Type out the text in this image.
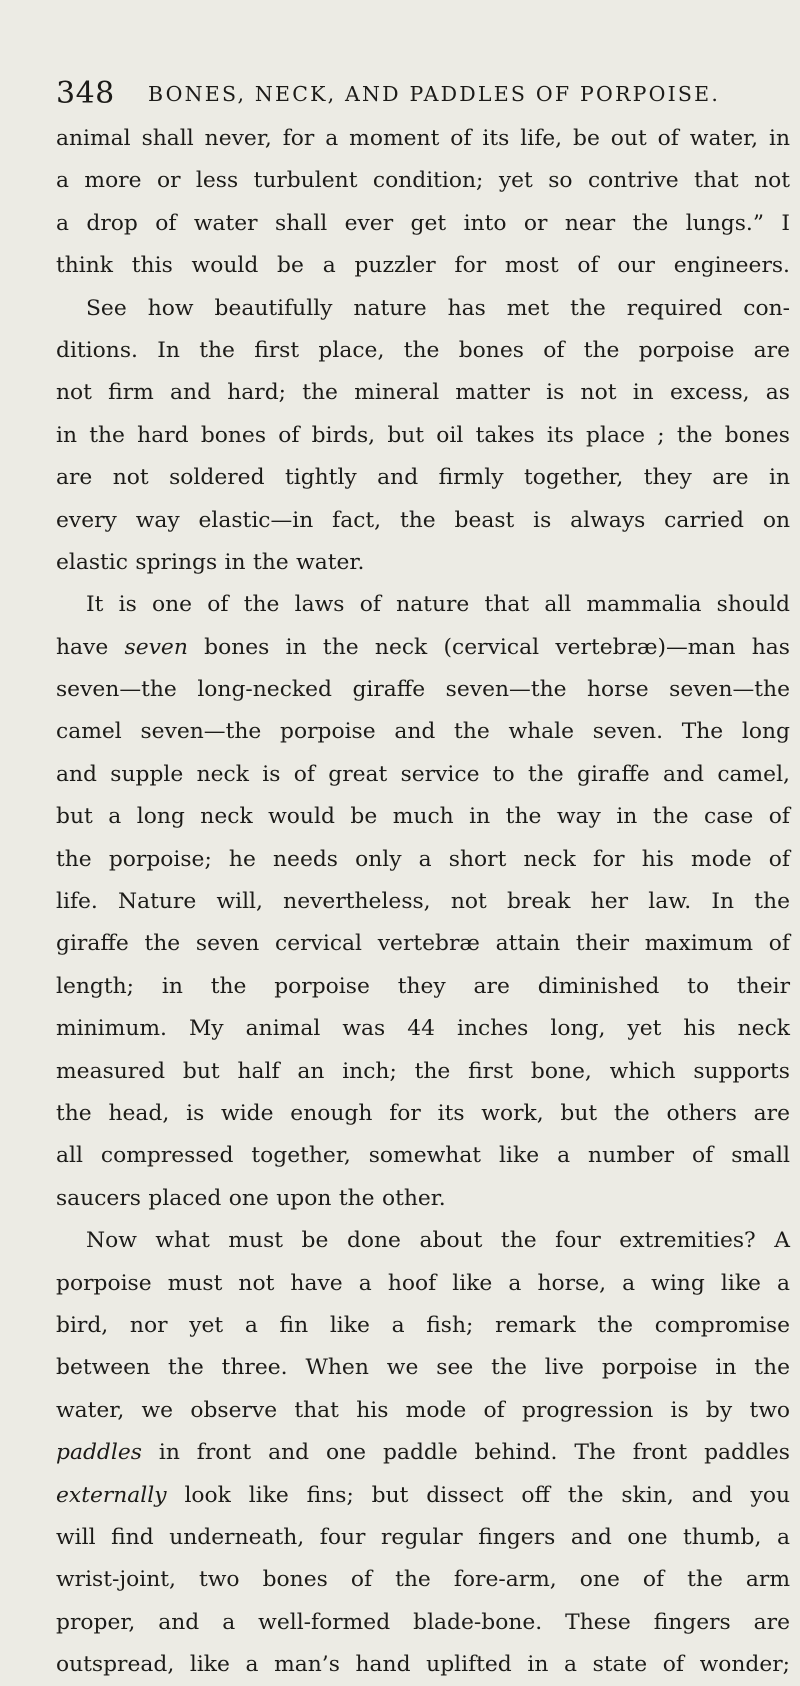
348 BONES, NECK, AND PADDLES OF PORPOISE.
animal shall never, for a moment of its life, be out of water, in
a more or less turbulent condition; yet so contrive that not
a drop of water shall ever get into or near the lungs.” I
think this would be a puzzler for most of our engineers.
See how beautifully nature has met the required con-
ditions. In the first place, the bones of the porpoise are
not firm and hard; the mineral matter is not in excess, as
in the hard bones of birds, but oil takes its place ; the bones
are not soldered tightly and firmly together, they are in
every way elastic—in fact, the beast is always carried on
elastic springs in the water.
It is one of the laws of nature that all mammalia should
have seven bones in the neck (cervical vertebræ)—man has
seven—the long-necked giraffe seven—the horse seven—the
camel seven—the porpoise and the whale seven. The long
and supple neck is of great service to the giraffe and camel,
but a long neck would be much in the way in the case of
the porpoise; he needs only a short neck for his mode of
life. Nature will, nevertheless, not break her law. In the
giraffe the seven cervical vertebræ attain their maximum of
length; in the porpoise they are diminished to their
minimum. My animal was 44 inches long, yet his neck
measured but half an inch; the first bone, which supports
the head, is wide enough for its work, but the others are
all compressed together, somewhat like a number of small
saucers placed one upon the other.
Now what must be done about the four extremities? A
porpoise must not have a hoof like a horse, a wing like a
bird, nor yet a fin like a fish; remark the compromise
between the three. When we see the live porpoise in the
water, we observe that his mode of progression is by two
paddles in front and one paddle behind. The front paddles
externally look like fins; but dissect off the skin, and you
will find underneath, four regular fingers and one thumb, a
wrist-joint, two bones of the fore-arm, one of the arm
proper, and a well-formed blade-bone. These fingers are
outspread, like a man’s hand uplifted in a state of wonder;
